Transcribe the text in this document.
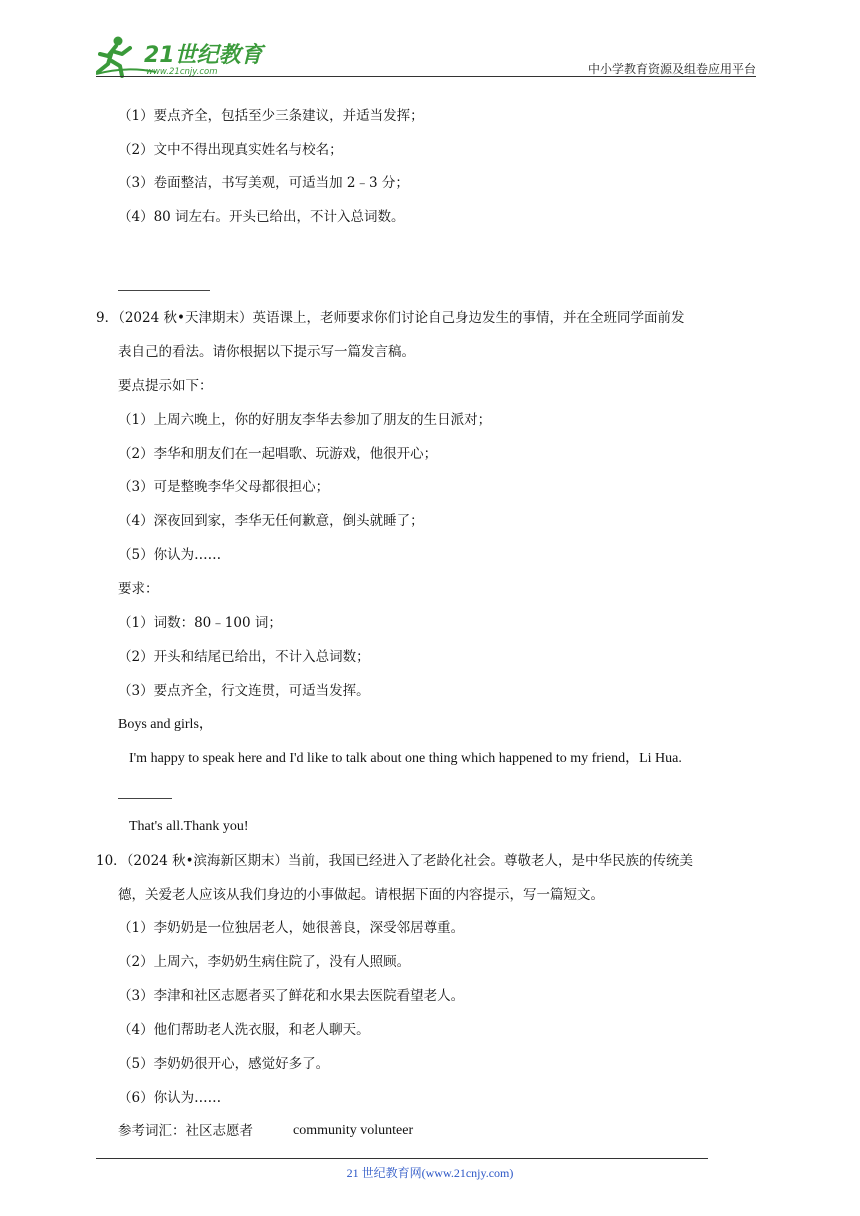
21世纪教育
www.21cnjy.com	中小学教育资源及组卷应用平台
（1）要点齐全，包括至少三条建议，并适当发挥；
（2）文中不得出现真实姓名与校名；
（3）卷面整洁，书写美观，可适当加 2﹣3 分；
（4）80 词左右。开头已给出，不计入总词数。
9．（2024 秋•天津期末）英语课上，老师要求你们讨论自己身边发生的事情，并在全班同学面前发
表自己的看法。请你根据以下提示写一篇发言稿。
要点提示如下：
（1）上周六晚上，你的好朋友李华去参加了朋友的生日派对；
（2）李华和朋友们在一起唱歌、玩游戏，他很开心；
（3）可是整晚李华父母都很担心；
（4）深夜回到家，李华无任何歉意，倒头就睡了；
（5）你认为……
要求：
（1）词数：80﹣100 词；
（2）开头和结尾已给出，不计入总词数；
（3）要点齐全，行文连贯，可适当发挥。
Boys and girls，
I'm happy to speak here and I'd like to talk about one thing which happened to my friend，Li Hua.
That's all.Thank you!
10．（2024 秋•滨海新区期末）当前，我国已经进入了老龄化社会。尊敬老人，是中华民族的传统美
德，关爱老人应该从我们身边的小事做起。请根据下面的内容提示，写一篇短文。
（1）李奶奶是一位独居老人，她很善良，深受邻居尊重。
（2）上周六，李奶奶生病住院了，没有人照顾。
（3）李津和社区志愿者买了鲜花和水果去医院看望老人。
（4）他们帮助老人洗衣服，和老人聊天。
（5）李奶奶很开心，感觉好多了。
（6）你认为……
参考词汇：社区志愿者	community volunteer
21 世纪教育网(www.21cnjy.com)
